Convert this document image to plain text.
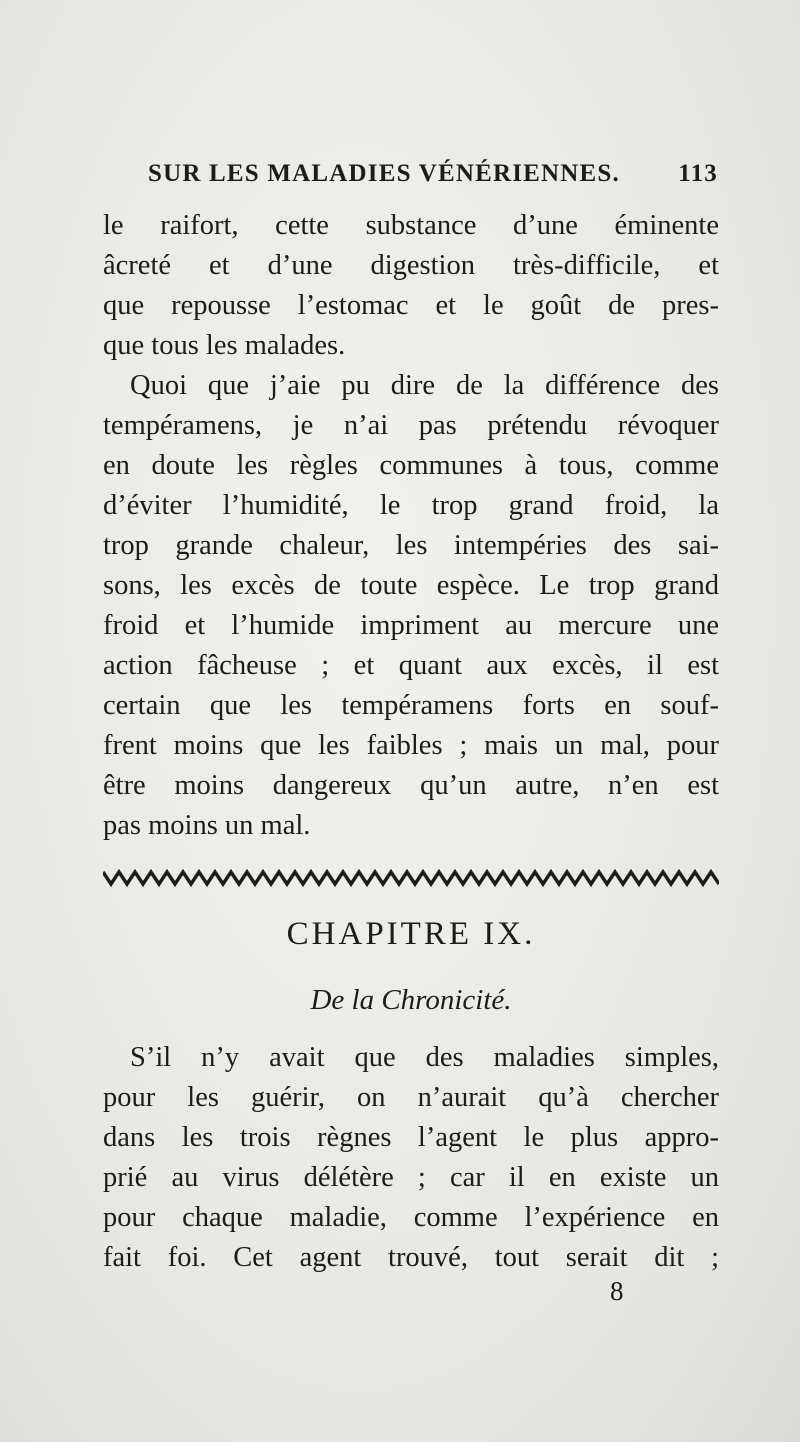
SUR LES MALADIES VÉNÉRIENNES. 113
le raifort, cette substance d’une éminente
âcreté et d’une digestion très-difficile, et
que repousse l’estomac et le goût de pres-
que tous les malades.
Quoi que j’aie pu dire de la différence des
tempéramens, je n’ai pas prétendu révoquer
en doute les règles communes à tous, comme
d’éviter l’humidité, le trop grand froid, la
trop grande chaleur, les intempéries des sai-
sons, les excès de toute espèce. Le trop grand
froid et l’humide impriment au mercure une
action fâcheuse ; et quant aux excès, il est
certain que les tempéramens forts en souf-
frent moins que les faibles ; mais un mal, pour
être moins dangereux qu’un autre, n’en est
pas moins un mal.
CHAPITRE IX.
De la Chronicité.
S’il n’y avait que des maladies simples,
pour les guérir, on n’aurait qu’à chercher
dans les trois règnes l’agent le plus appro-
prié au virus délétère ; car il en existe un
pour chaque maladie, comme l’expérience en
fait foi. Cet agent trouvé, tout serait dit ;
8
